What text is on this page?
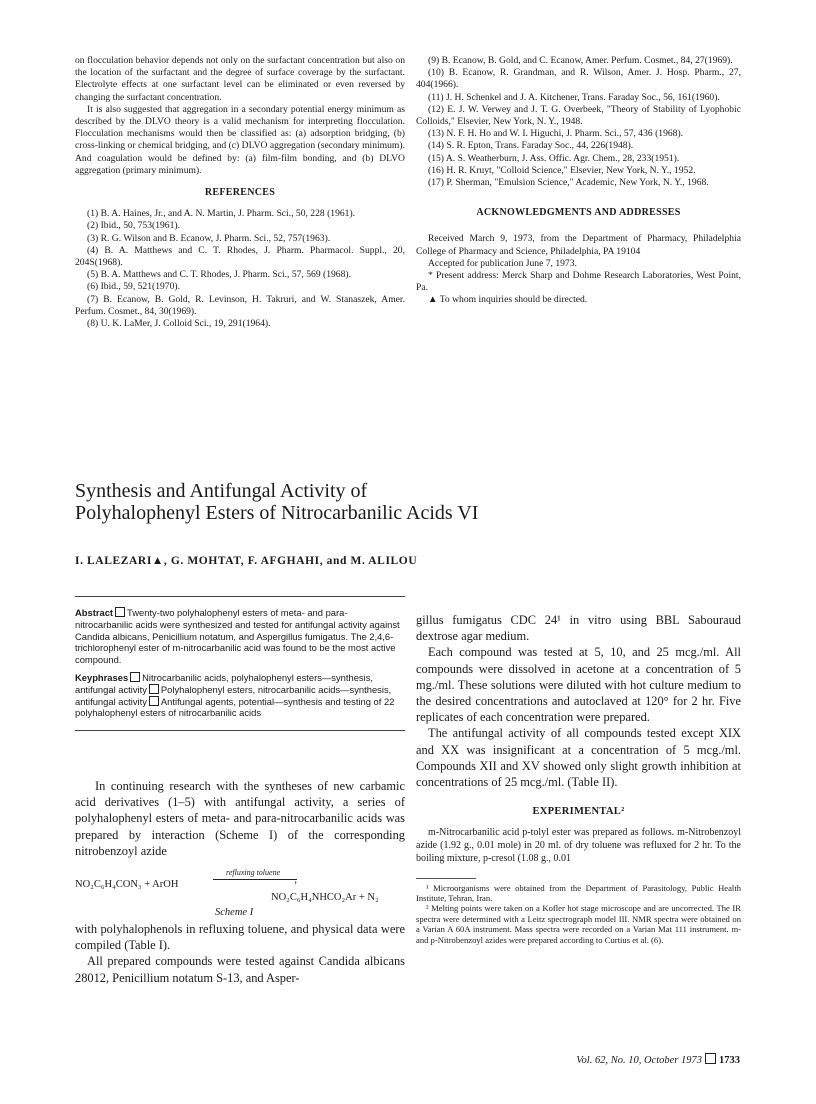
on flocculation behavior depends not only on the surfactant concentration but also on the location of the surfactant and the degree of surface coverage by the surfactant. Electrolyte effects at one surfactant level can be eliminated or even reversed by changing the surfactant concentration.

It is also suggested that aggregation in a secondary potential energy minimum as described by the DLVO theory is a valid mechanism for interpreting flocculation. Flocculation mechanisms would then be classified as: (a) adsorption bridging, (b) cross-linking or chemical bridging, and (c) DLVO aggregation (secondary minimum). And coagulation would be defined by: (a) film-film bonding, and (b) DLVO aggregation (primary minimum).

REFERENCES

(1) B. A. Haines, Jr., and A. N. Martin, J. Pharm. Sci., 50, 228 (1961).

(2) Ibid., 50, 753(1961).

(3) R. G. Wilson and B. Ecanow, J. Pharm. Sci., 52, 757(1963).

(4) B. A. Matthews and C. T. Rhodes, J. Pharm. Pharmacol. Suppl., 20, 204S(1968).

(5) B. A. Matthews and C. T. Rhodes, J. Pharm. Sci., 57, 569 (1968).

(6) Ibid., 59, 521(1970).

(7) B. Ecanow, B. Gold, R. Levinson, H. Takruri, and W. Stanaszek, Amer. Perfum. Cosmet., 84, 30(1969).

(8) U. K. LaMer, J. Colloid Sci., 19, 291(1964).

(9) B. Ecanow, B. Gold, and C. Ecanow, Amer. Perfum. Cosmet., 84, 27(1969).

(10) B. Ecanow, R. Grandman, and R. Wilson, Amer. J. Hosp. Pharm., 27, 404(1966).

(11) J. H. Schenkel and J. A. Kitchener, Trans. Faraday Soc., 56, 161(1960).

(12) E. J. W. Verwey and J. T. G. Overbeek, "Theory of Stability of Lyophobic Colloids," Elsevier, New York, N. Y., 1948.

(13) N. F. H. Ho and W. I. Higuchi, J. Pharm. Sci., 57, 436 (1968).

(14) S. R. Epton, Trans. Faraday Soc., 44, 226(1948).

(15) A. S. Weatherburn, J. Ass. Offic. Agr. Chem., 28, 233(1951).

(16) H. R. Kruyt, "Colloid Science," Elsevier, New York, N. Y., 1952.

(17) P. Sherman, "Emulsion Science," Academic, New York, N. Y., 1968.

ACKNOWLEDGMENTS AND ADDRESSES

Received March 9, 1973, from the Department of Pharmacy, Philadelphia College of Pharmacy and Science, Philadelphia, PA 19104

Accepted for publication June 7, 1973.

* Present address: Merck Sharp and Dohme Research Laboratories, West Point, Pa.

▲ To whom inquiries should be directed.

Synthesis and Antifungal Activity of
Polyhalophenyl Esters of Nitrocarbanilic Acids VI
I. LALEZARI▲, G. MOHTAT, F. AFGHAHI, and M. ALILOU

Abstract Twenty-two polyhalophenyl esters of meta- and para-nitrocarbanilic acids were synthesized and tested for antifungal activity against Candida albicans, Penicillium notatum, and Aspergillus fumigatus. The 2,4,6-trichlorophenyl ester of m-nitrocarbanilic acid was found to be the most active compound.

Keyphrases Nitrocarbanilic acids, polyhalophenyl esters—synthesis, antifungal activity Polyhalophenyl esters, nitrocarbanilic acids—synthesis, antifungal activity Antifungal agents, potential—synthesis and testing of 22 polyhalophenyl esters of nitrocarbanilic acids

In continuing research with the syntheses of new carbamic acid derivatives (1–5) with antifungal activity, a series of polyhalophenyl esters of meta- and para-nitrocarbanilic acids was prepared by interaction (Scheme I) of the corresponding nitrobenzoyl azide

NO₂C₆H₄CON₃ + ArOH
refluxing toluene
›
NO₂C₆H₄NHCO₂Ar + N₂
Scheme I

with polyhalophenols in refluxing toluene, and physical data were compiled (Table I).

All prepared compounds were tested against Candida albicans 28012, Penicillium notatum S-13, and Asper-

gillus fumigatus CDC 24¹ in vitro using BBL Sabouraud dextrose agar medium.

Each compound was tested at 5, 10, and 25 mcg./ml. All compounds were dissolved in acetone at a concentration of 5 mg./ml. These solutions were diluted with hot culture medium to the desired concentrations and autoclaved at 120° for 2 hr. Five replicates of each concentration were prepared.

The antifungal activity of all compounds tested except XIX and XX was insignificant at a concentration of 5 mcg./ml. Compounds XII and XV showed only slight growth inhibition at concentrations of 25 mcg./ml. (Table II).

EXPERIMENTAL²

m-Nitrocarbanilic acid p-tolyl ester was prepared as follows. m-Nitrobenzoyl azide (1.92 g., 0.01 mole) in 20 ml. of dry toluene was refluxed for 2 hr. To the boiling mixture, p-cresol (1.08 g., 0.01

¹ Microorganisms were obtained from the Department of Parasitology, Public Health Institute, Tehran, Iran.

² Melting points were taken on a Kofler hot stage microscope and are uncorrected. The IR spectra were determined with a Leitz spectrograph model III. NMR spectra were obtained on a Varian A 60A instrument. Mass spectra were recorded on a Varian Mat 111 instrument. m- and p-Nitrobenzoyl azides were prepared according to Curtius et al. (6).

Vol. 62, No. 10, October 1973 1733
